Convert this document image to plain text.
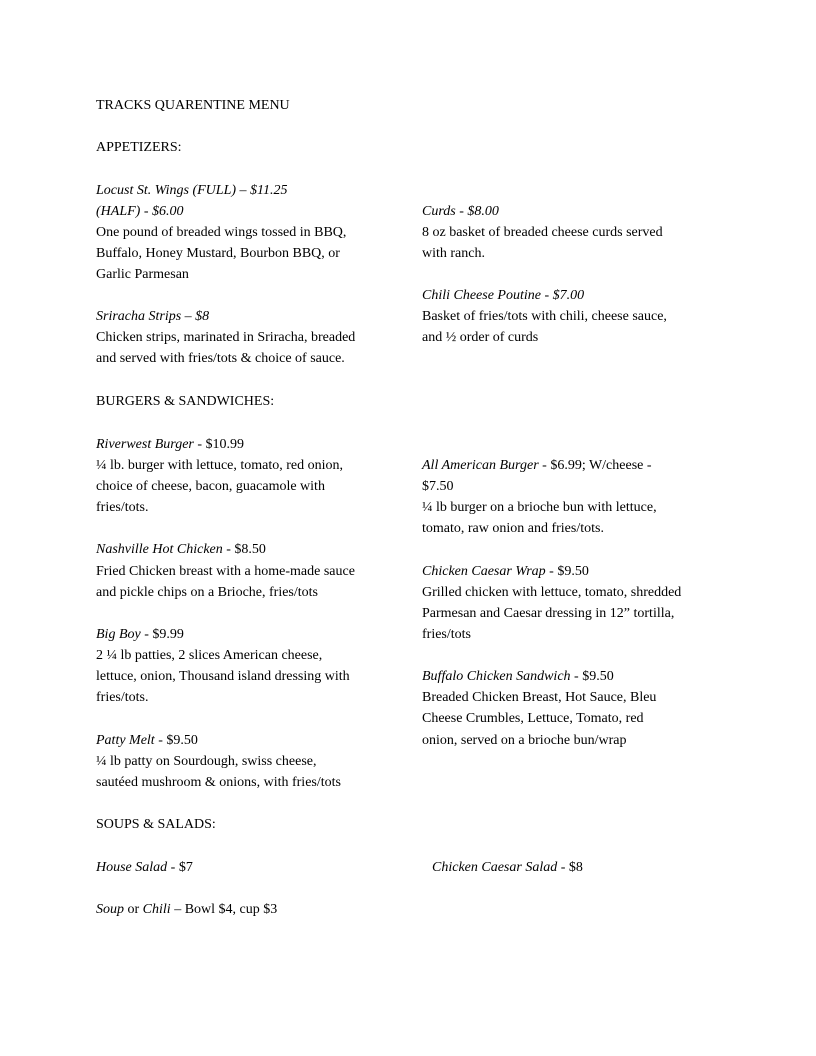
TRACKS QUARENTINE MENU
APPETIZERS:
Locust St. Wings (FULL) – $11.25
(HALF) - $6.00
One pound of breaded wings tossed in BBQ,
Buffalo, Honey Mustard, Bourbon BBQ, or
Garlic Parmesan
Sriracha Strips – $8
Chicken strips, marinated in Sriracha, breaded
and served with fries/tots & choice of sauce.
Curds - $8.00
8 oz basket of breaded cheese curds served
with ranch.
Chili Cheese Poutine - $7.00
Basket of fries/tots with chili, cheese sauce,
and ½ order of curds
BURGERS & SANDWICHES:
Riverwest Burger - $10.99
¼ lb. burger with lettuce, tomato, red onion,
choice of cheese, bacon, guacamole with
fries/tots.
Nashville Hot Chicken - $8.50
Fried Chicken breast with a home-made sauce
and pickle chips on a Brioche, fries/tots
Big Boy - $9.99
2 ¼ lb patties, 2 slices American cheese,
lettuce, onion, Thousand island dressing with
fries/tots.
Patty Melt - $9.50
¼ lb patty on Sourdough, swiss cheese,
sautéed mushroom & onions, with fries/tots
All American Burger - $6.99; W/cheese -
$7.50
¼ lb burger on a brioche bun with lettuce,
tomato, raw onion and fries/tots.
Chicken Caesar Wrap - $9.50
Grilled chicken with lettuce, tomato, shredded
Parmesan and Caesar dressing in 12” tortilla,
fries/tots
Buffalo Chicken Sandwich - $9.50
Breaded Chicken Breast, Hot Sauce, Bleu
Cheese Crumbles, Lettuce, Tomato, red
onion, served on a brioche bun/wrap
SOUPS & SALADS:
House Salad - $7	Chicken Caesar Salad - $8
Soup or Chili – Bowl $4, cup $3
